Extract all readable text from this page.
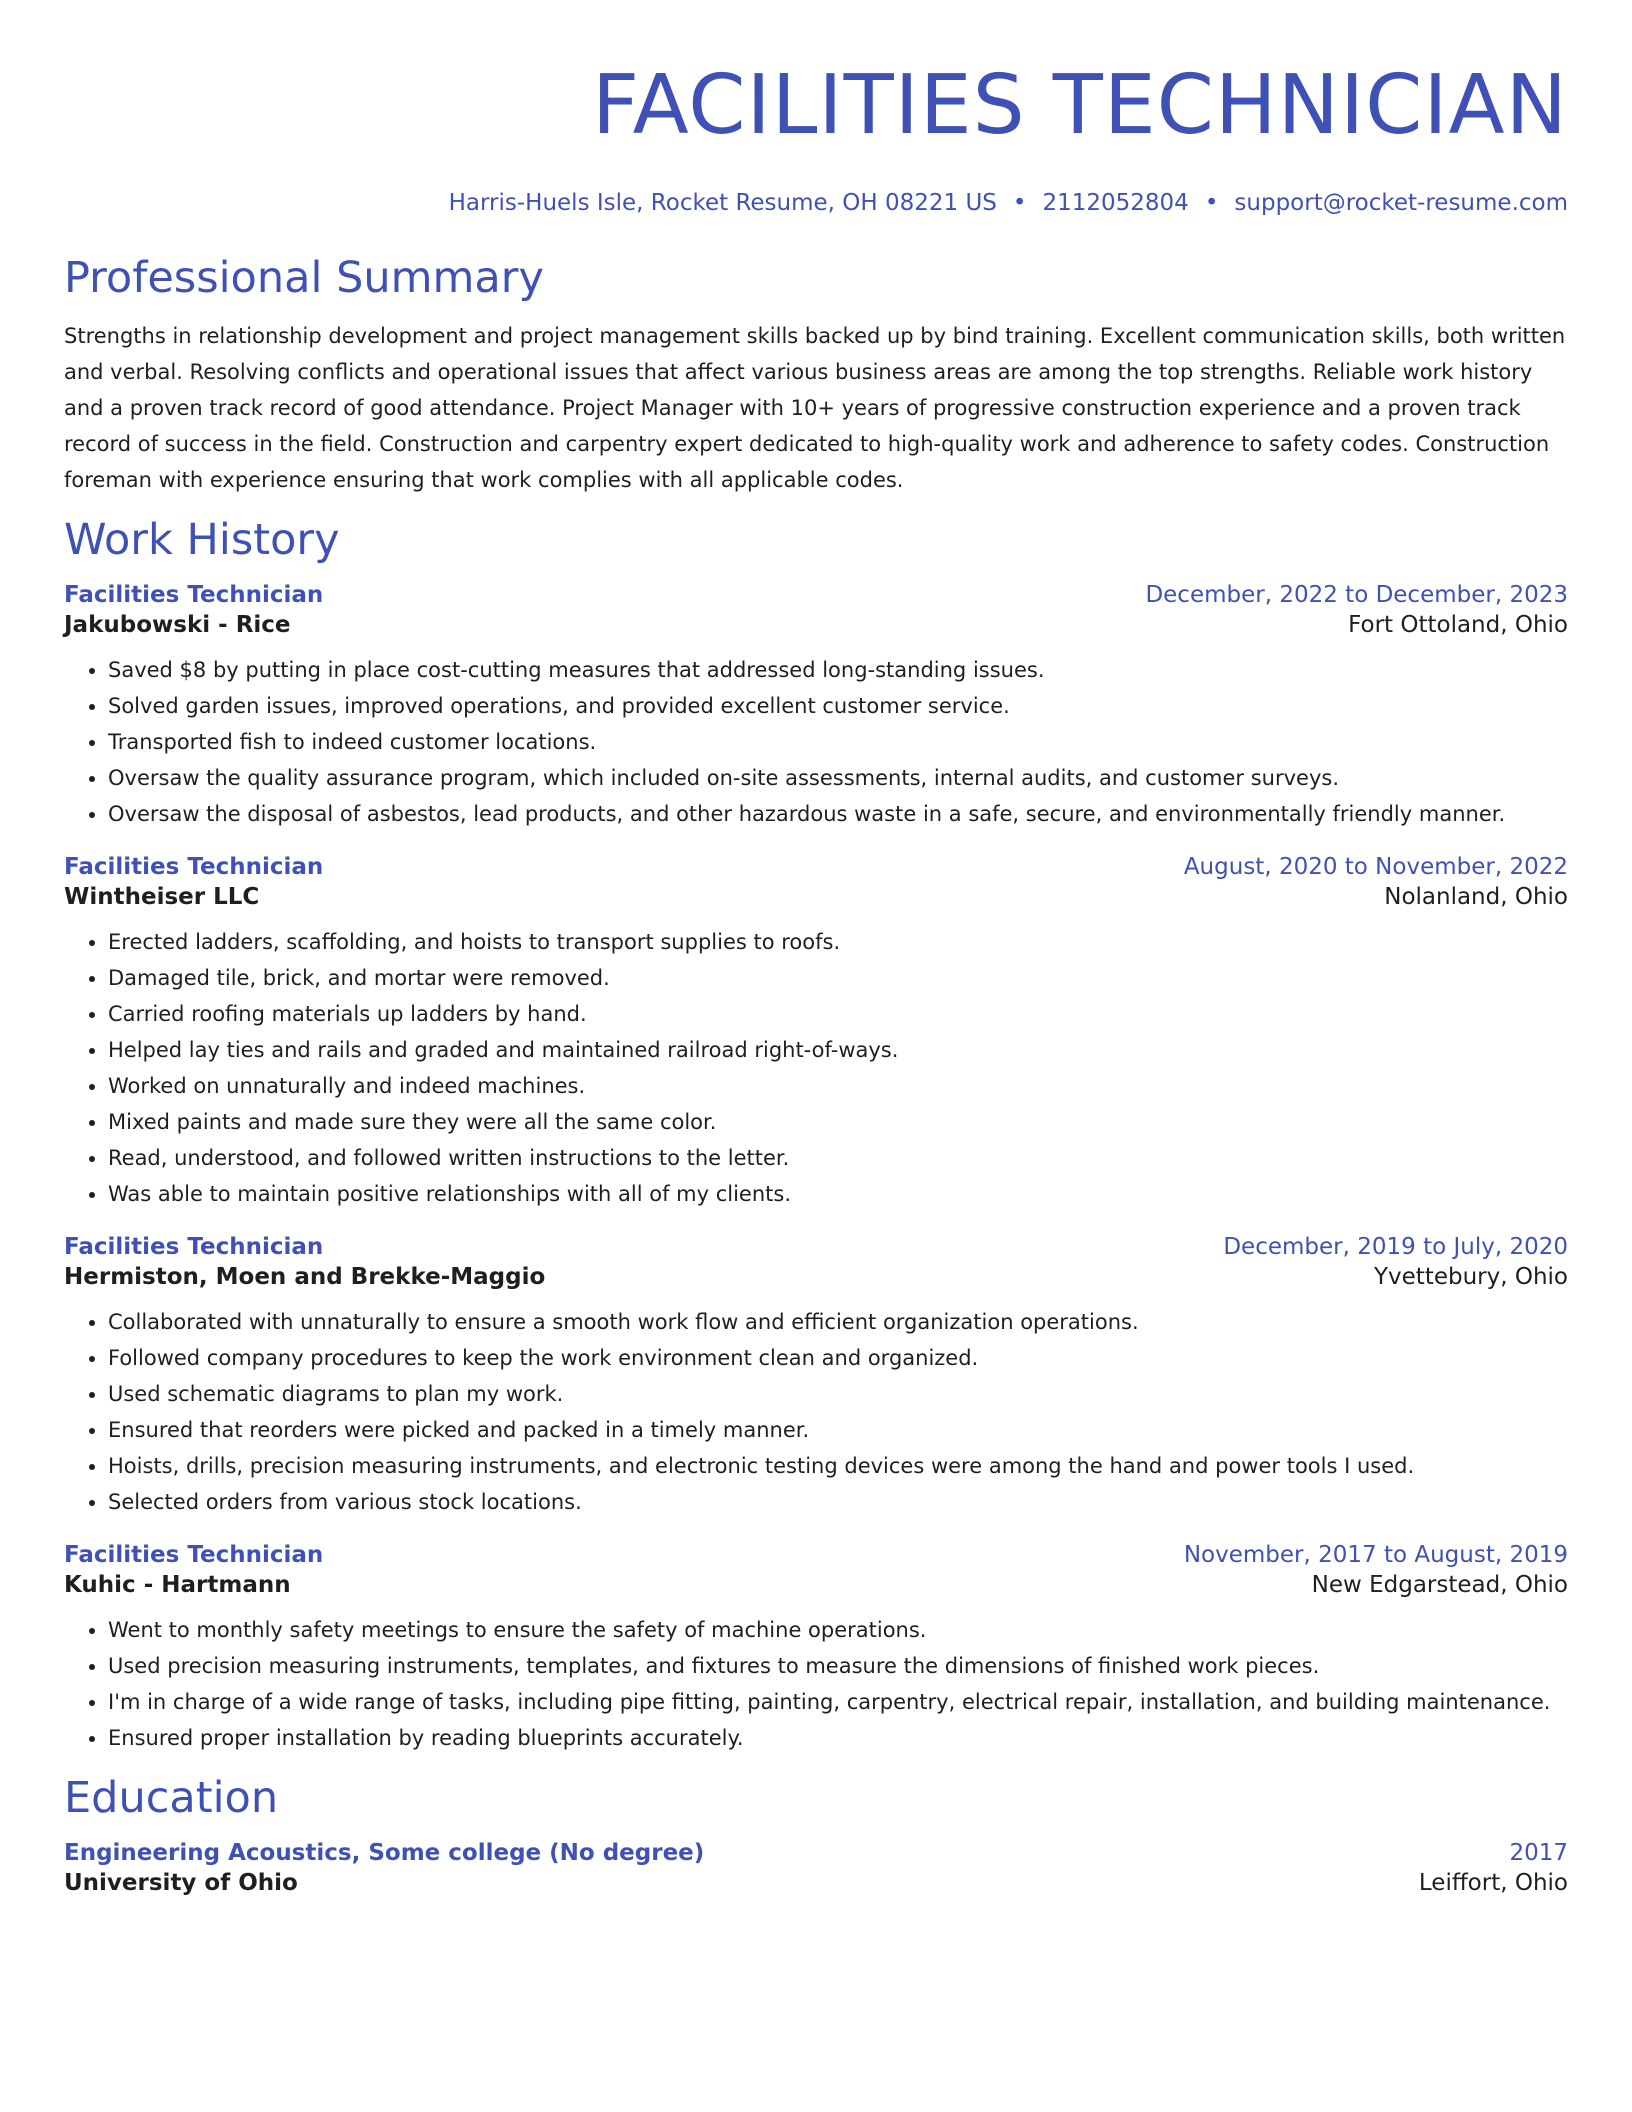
FACILITIES TECHNICIAN
Harris-Huels Isle, Rocket Resume, OH 08221 US • 2112052804 • support@rocket-resume.com
Professional Summary

Strengths in relationship development and project management skills backed up by bind training. Excellent communication skills, both written and verbal. Resolving conflicts and operational issues that affect various business areas are among the top strengths. Reliable work history and a proven track record of good attendance. Project Manager with 10+ years of progressive construction experience and a proven track record of success in the field. Construction and carpentry expert dedicated to high-quality work and adherence to safety codes. Construction foreman with experience ensuring that work complies with all applicable codes.

Work History
Facilities Technician	December, 2022 to December, 2023
Jakubowski - Rice	Fort Ottoland, Ohio
• Saved $8 by putting in place cost-cutting measures that addressed long-standing issues.
• Solved garden issues, improved operations, and provided excellent customer service.
• Transported fish to indeed customer locations.
• Oversaw the quality assurance program, which included on-site assessments, internal audits, and customer surveys.
• Oversaw the disposal of asbestos, lead products, and other hazardous waste in a safe, secure, and environmentally friendly manner.
Facilities Technician	August, 2020 to November, 2022
Wintheiser LLC	Nolanland, Ohio
• Erected ladders, scaffolding, and hoists to transport supplies to roofs.
• Damaged tile, brick, and mortar were removed.
• Carried roofing materials up ladders by hand.
• Helped lay ties and rails and graded and maintained railroad right-of-ways.
• Worked on unnaturally and indeed machines.
• Mixed paints and made sure they were all the same color.
• Read, understood, and followed written instructions to the letter.
• Was able to maintain positive relationships with all of my clients.
Facilities Technician	December, 2019 to July, 2020
Hermiston, Moen and Brekke-Maggio	Yvettebury, Ohio
• Collaborated with unnaturally to ensure a smooth work flow and efficient organization operations.
• Followed company procedures to keep the work environment clean and organized.
• Used schematic diagrams to plan my work.
• Ensured that reorders were picked and packed in a timely manner.
• Hoists, drills, precision measuring instruments, and electronic testing devices were among the hand and power tools I used.
• Selected orders from various stock locations.
Facilities Technician	November, 2017 to August, 2019
Kuhic - Hartmann	New Edgarstead, Ohio
• Went to monthly safety meetings to ensure the safety of machine operations.
• Used precision measuring instruments, templates, and fixtures to measure the dimensions of finished work pieces.
• I'm in charge of a wide range of tasks, including pipe fitting, painting, carpentry, electrical repair, installation, and building maintenance.
• Ensured proper installation by reading blueprints accurately.
Education
Engineering Acoustics, Some college (No degree)	2017
University of Ohio	Leiffort, Ohio
